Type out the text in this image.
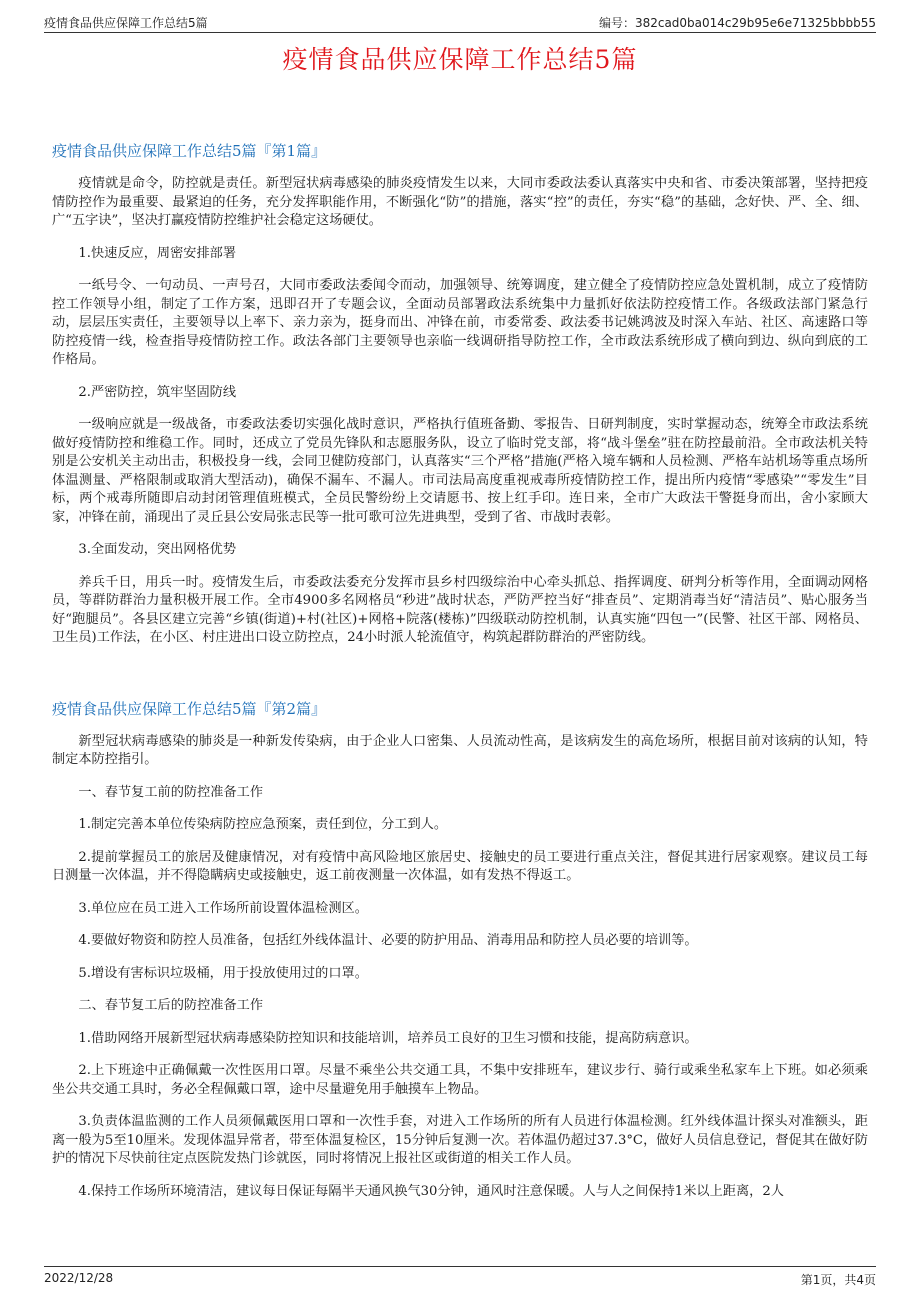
疫情食品供应保障工作总结5篇	编号：382cad0ba014c29b95e6e71325bbbb55
疫情食品供应保障工作总结5篇
疫情食品供应保障工作总结5篇『第1篇』

疫情就是命令，防控就是责任。新型冠状病毒感染的肺炎疫情发生以来，大同市委政法委认真落实中央和省、市委决策部署，坚持把疫情防控作为最重要、最紧迫的任务，充分发挥职能作用，不断强化“防”的措施，落实“控”的责任，夯实“稳”的基础，念好快、严、全、细、广“五字诀”，坚决打赢疫情防控维护社会稳定这场硬仗。

1.快速反应，周密安排部署

一纸号令、一句动员、一声号召，大同市委政法委闻令而动，加强领导、统筹调度，建立健全了疫情防控应急处置机制，成立了疫情防控工作领导小组，制定了工作方案，迅即召开了专题会议，全面动员部署政法系统集中力量抓好依法防控疫情工作。各级政法部门紧急行动，层层压实责任，主要领导以上率下、亲力亲为，挺身而出、冲锋在前，市委常委、政法委书记姚鸿波及时深入车站、社区、高速路口等防控疫情一线，检查指导疫情防控工作。政法各部门主要领导也亲临一线调研指导防控工作，全市政法系统形成了横向到边、纵向到底的工作格局。

2.严密防控，筑牢坚固防线

一级响应就是一级战备，市委政法委切实强化战时意识，严格执行值班备勤、零报告、日研判制度，实时掌握动态，统筹全市政法系统做好疫情防控和维稳工作。同时，还成立了党员先锋队和志愿服务队，设立了临时党支部，将“战斗堡垒”驻在防控最前沿。全市政法机关特别是公安机关主动出击，积极投身一线，会同卫健防疫部门，认真落实“三个严格”措施(严格入境车辆和人员检测、严格车站机场等重点场所体温测量、严格限制或取消大型活动)，确保不漏车、不漏人。市司法局高度重视戒毒所疫情防控工作，提出所内疫情“零感染”“零发生”目标，两个戒毒所随即启动封闭管理值班模式，全员民警纷纷上交请愿书、按上红手印。连日来，全市广大政法干警挺身而出，舍小家顾大家，冲锋在前，涌现出了灵丘县公安局张志民等一批可歌可泣先进典型，受到了省、市战时表彰。

3.全面发动，突出网格优势

养兵千日，用兵一时。疫情发生后，市委政法委充分发挥市县乡村四级综治中心牵头抓总、指挥调度、研判分析等作用，全面调动网格员，等群防群治力量积极开展工作。全市4900多名网格员“秒进”战时状态，严防严控当好“排查员”、定期消毒当好“清洁员”、贴心服务当好“跑腿员”。各县区建立完善“乡镇(街道)+村(社区)+网格+院落(楼栋)”四级联动防控机制，认真实施“四包一”(民警、社区干部、网格员、卫生员)工作法，在小区、村庄进出口设立防控点，24小时派人轮流值守，构筑起群防群治的严密防线。

疫情食品供应保障工作总结5篇『第2篇』

新型冠状病毒感染的肺炎是一种新发传染病，由于企业人口密集、人员流动性高，是该病发生的高危场所，根据目前对该病的认知，特制定本防控指引。

一、春节复工前的防控准备工作

1.制定完善本单位传染病防控应急预案，责任到位，分工到人。

2.提前掌握员工的旅居及健康情况，对有疫情中高风险地区旅居史、接触史的员工要进行重点关注，督促其进行居家观察。建议员工每日测量一次体温，并不得隐瞒病史或接触史，返工前夜测量一次体温，如有发热不得返工。

3.单位应在员工进入工作场所前设置体温检测区。

4.要做好物资和防控人员准备，包括红外线体温计、必要的防护用品、消毒用品和防控人员必要的培训等。

5.增设有害标识垃圾桶，用于投放使用过的口罩。

二、春节复工后的防控准备工作

1.借助网络开展新型冠状病毒感染防控知识和技能培训，培养员工良好的卫生习惯和技能，提高防病意识。

2.上下班途中正确佩戴一次性医用口罩。尽量不乘坐公共交通工具，不集中安排班车，建议步行、骑行或乘坐私家车上下班。如必须乘坐公共交通工具时，务必全程佩戴口罩，途中尽量避免用手触摸车上物品。

3.负责体温监测的工作人员须佩戴医用口罩和一次性手套，对进入工作场所的所有人员进行体温检测。红外线体温计探头对准额头，距离一般为5至10厘米。发现体温异常者，带至体温复检区，15分钟后复测一次。若体温仍超过37.3°C，做好人员信息登记，督促其在做好防护的情况下尽快前往定点医院发热门诊就医，同时将情况上报社区或街道的相关工作人员。

4.保持工作场所环境清洁，建议每日保证每隔半天通风换气30分钟，通风时注意保暖。人与人之间保持1米以上距离，2人

2022/12/28	第1页，共4页
